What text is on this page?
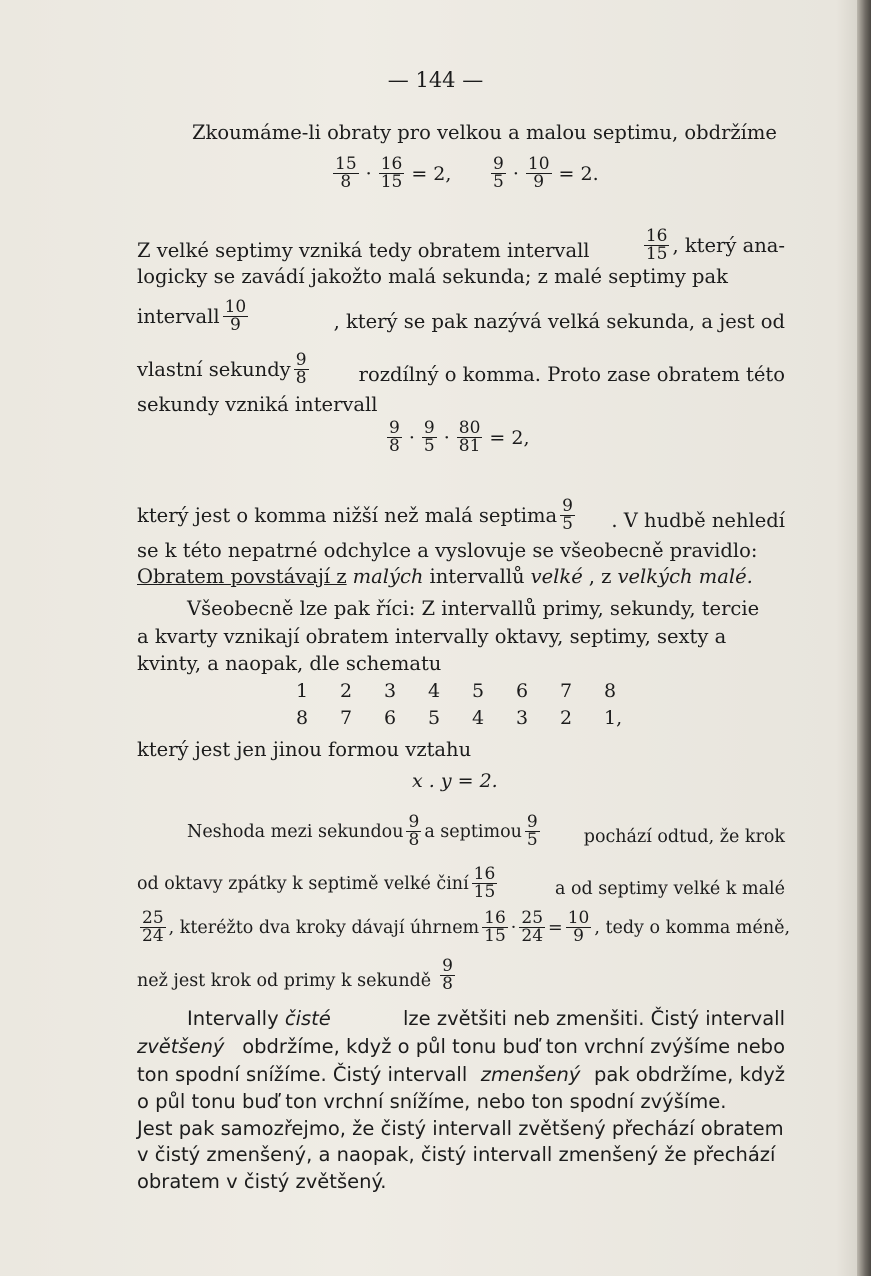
— 144 —
Zkoumáme-li obraty pro velkou a malou septimu, obdržíme
$\frac{15}{8} \cdot \frac{16}{15} = 2$, $\frac{9}{5} \cdot \frac{10}{9} = 2$.
Z velké septimy vzniká tedy obratem intervall	$\frac{16}{15}$ , který ana-
logicky se zavádí jakožto malá sekunda; z malé septimy pak
intervall $\frac{10}{9}$	, který se pak nazývá velká sekunda, a jest od
vlastní sekundy $\frac{9}{8}$	rozdílný o komma. Proto zase obratem této
sekundy vzniká intervall
$\frac{9}{8} \cdot \frac{9}{5} \cdot \frac{80}{81} = 2$,
který jest o komma nižší než malá septima $\frac{9}{5}$ . V hudbě nehledí
se k této nepatrné odchylce a vyslovuje se všeobecně pravidlo:
Obratem povstávají z malých intervallů velké , z velkých malé.
Všeobecně lze pak říci: Z intervallů primy, sekundy, tercie
a kvarty vznikají obratem intervally oktavy, septimy, sexty a
kvinty, a naopak, dle schematu
1	2	3	4	5	6	7	8
8	7	6	5	4	3	2	1,
který jest jen jinou formou vztahu
x . y = 2.
Neshoda mezi sekundou $\frac{9}{8}$ a septimou $\frac{9}{5}$	pochází odtud, že krok
od oktavy zpátky k septimě velké činí $\frac{16}{15}$	a od septimy velké k malé
$\frac{25}{24}$ , kteréžto dva kroky dávají úhrnem $\frac{16}{15} \cdot \frac{25}{24} = \frac{10}{9}$ , tedy o komma méně,
než jest krok od primy k sekundě $\frac{9}{8}$
Intervally čisté	lze zvětšiti neb zmenšiti. Čistý intervall
zvětšený obdržíme, když o půl tonu buď ton vrchní zvýšíme nebo
ton spodní snížíme. Čistý intervall zmenšený pak obdržíme, když
o půl tonu buď ton vrchní snížíme, nebo ton spodní zvýšíme.
Jest pak samozřejmo, že čistý intervall zvětšený přechází obratem
v čistý zmenšený, a naopak, čistý intervall zmenšený že přechází
obratem v čistý zvětšený.
